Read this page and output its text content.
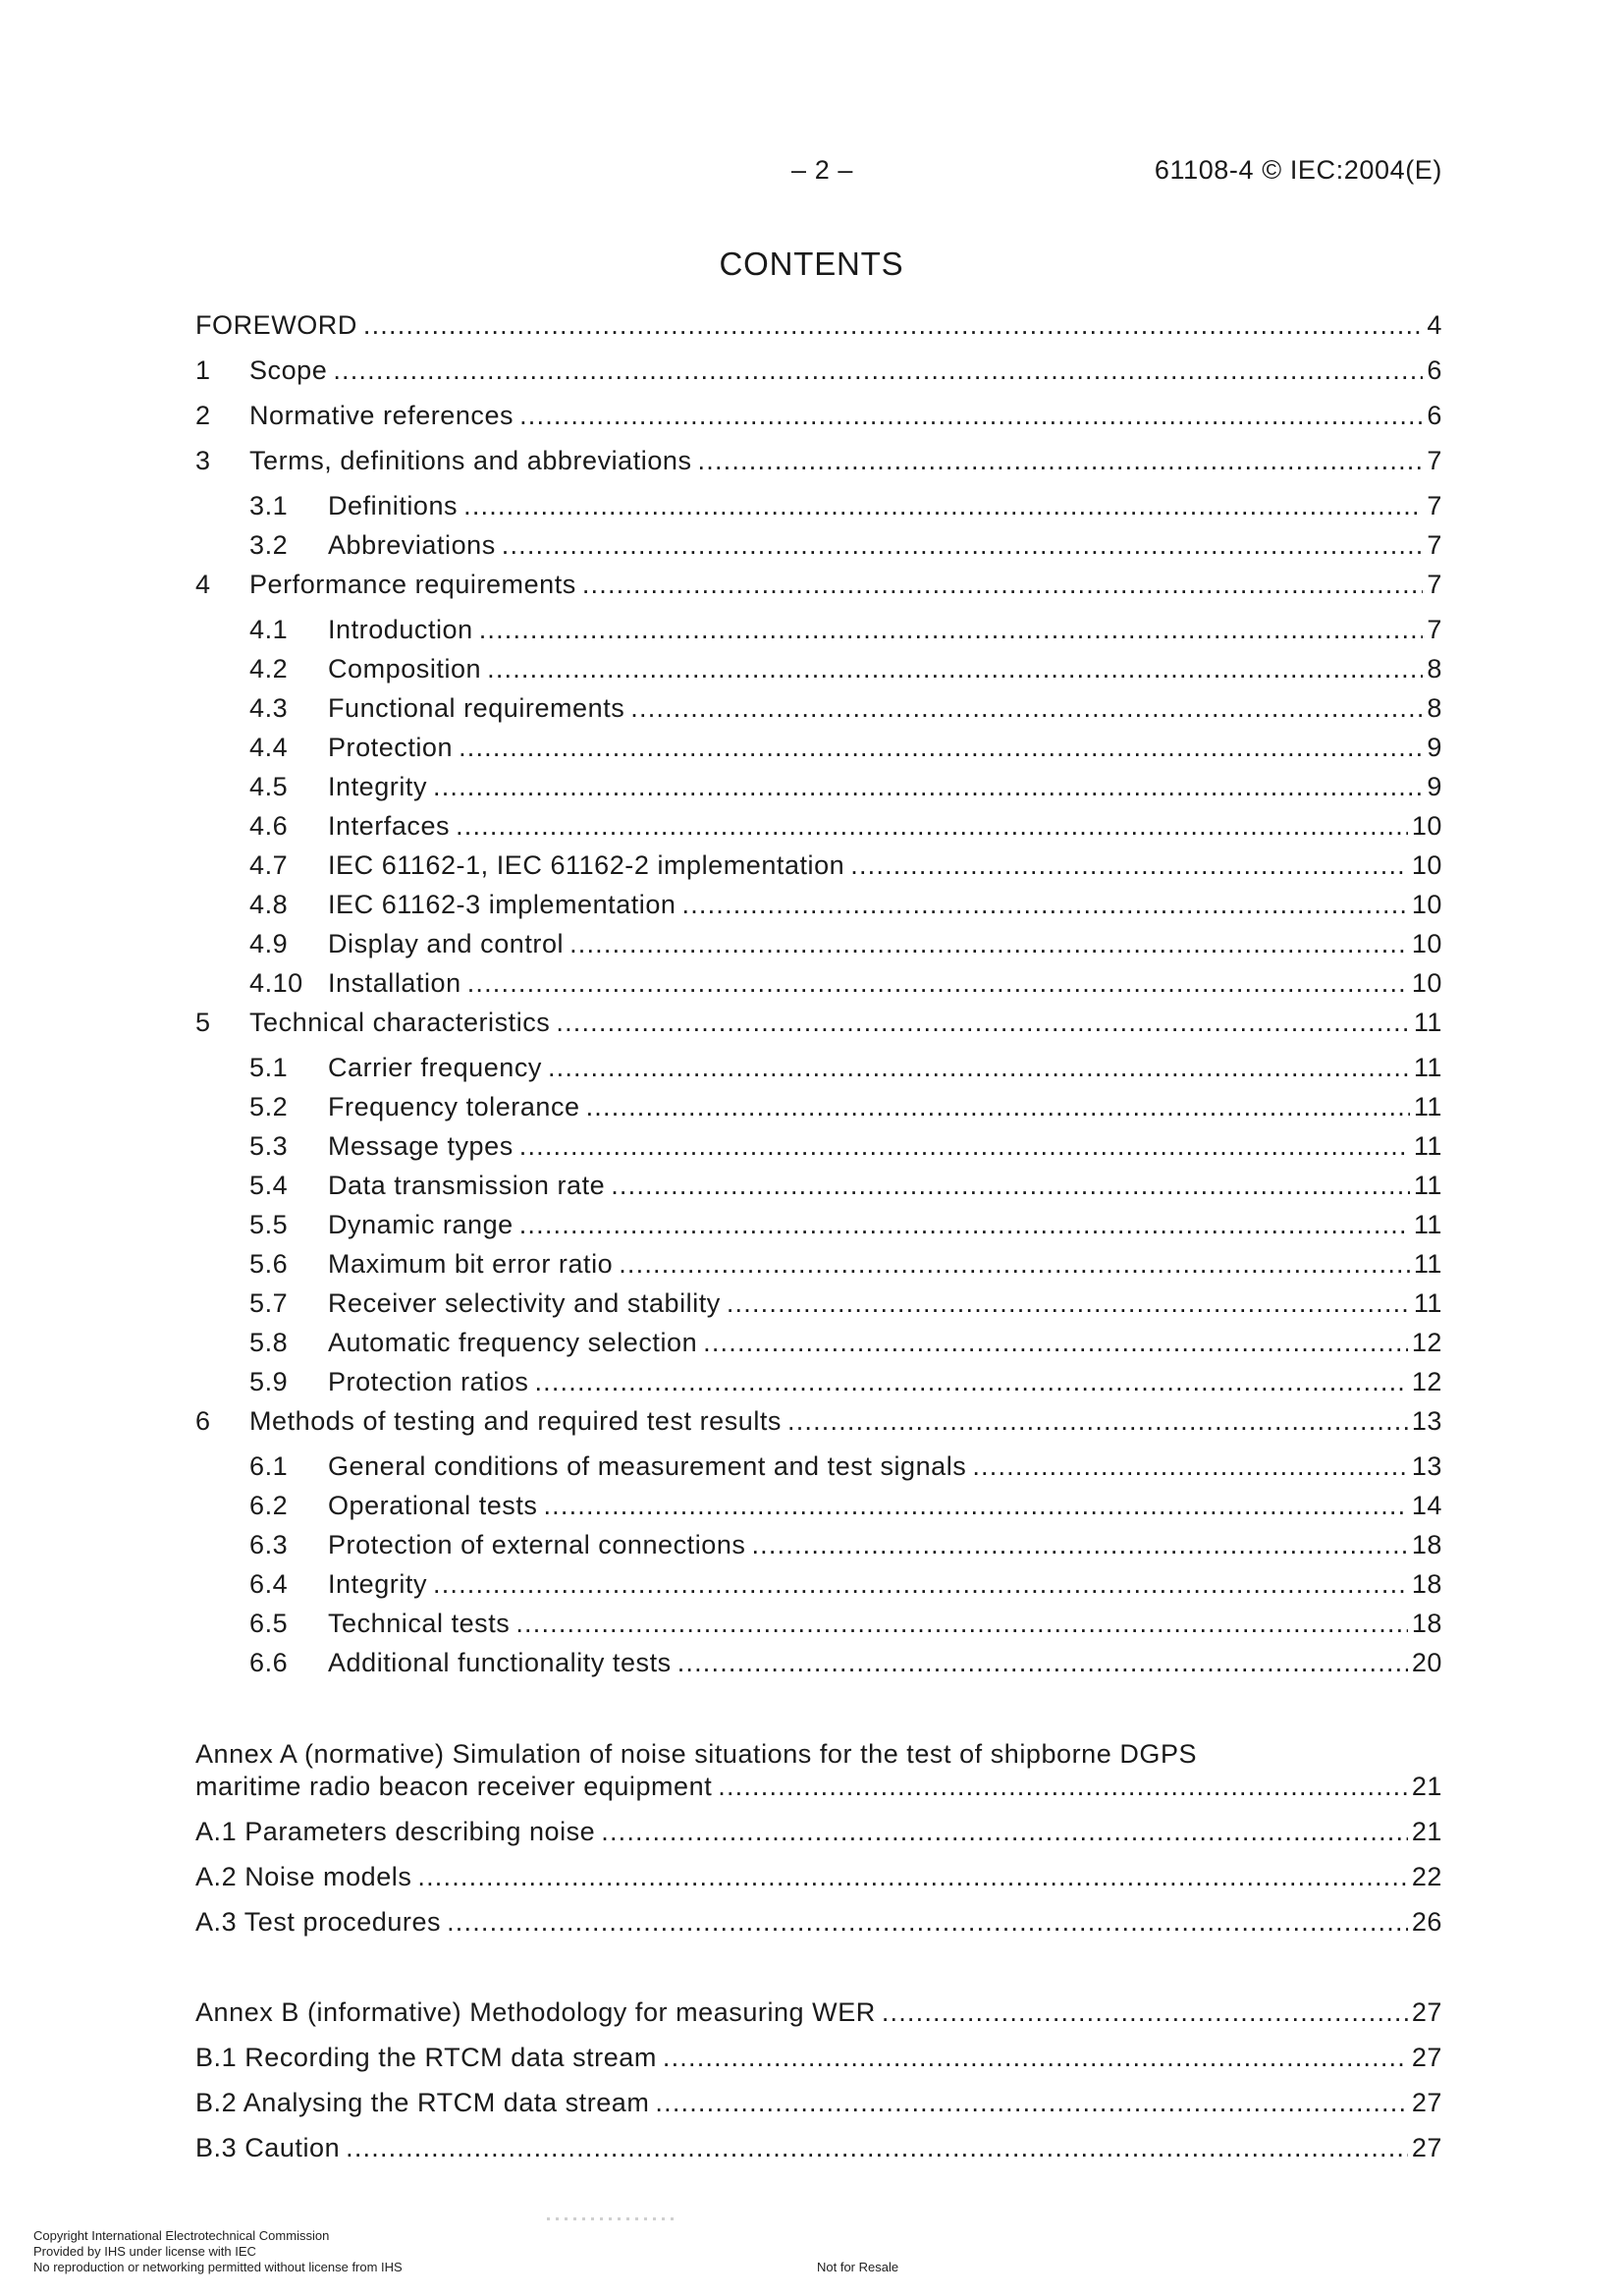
– 2 –	61108-4 © IEC:2004(E)
CONTENTS
FOREWORD .....	4
1	Scope .....	6
2	Normative references .....	6
3	Terms, definitions and abbreviations .....	7
3.1	Definitions .....	7
3.2	Abbreviations .....	7
4	Performance requirements .....	7
4.1	Introduction .....	7
4.2	Composition .....	8
4.3	Functional requirements .....	8
4.4	Protection .....	9
4.5	Integrity .....	9
4.6	Interfaces .....	10
4.7	IEC 61162-1, IEC 61162-2 implementation .....	10
4.8	IEC 61162-3 implementation .....	10
4.9	Display and control .....	10
4.10 Installation .....	10
5	Technical characteristics .....	11
5.1	Carrier frequency .....	11
5.2	Frequency tolerance .....	11
5.3	Message types .....	11
5.4	Data transmission rate .....	11
5.5	Dynamic range .....	11
5.6	Maximum bit error ratio .....	11
5.7	Receiver selectivity and stability .....	11
5.8	Automatic frequency selection .....	12
5.9	Protection ratios .....	12
6	Methods of testing and required test results .....	13
6.1	General conditions of measurement and test signals .....	13
6.2	Operational tests .....	14
6.3	Protection of external connections .....	18
6.4	Integrity .....	18
6.5	Technical tests .....	18
6.6	Additional functionality tests .....	20
Annex A (normative) Simulation of noise situations for the test of shipborne DGPS
maritime radio beacon receiver equipment .....	21
A.1 Parameters describing noise .....	21
A.2 Noise models .....	22
A.3 Test procedures .....	26
Annex B (informative) Methodology for measuring WER .....	27
B.1 Recording the RTCM data stream .....	27
B.2 Analysing the RTCM data stream .....	27
B.3 Caution .....	27
Copyright International Electrotechnical Commission
Provided by IHS under license with IEC
No reproduction or networking permitted without license from IHS	Not for Resale
